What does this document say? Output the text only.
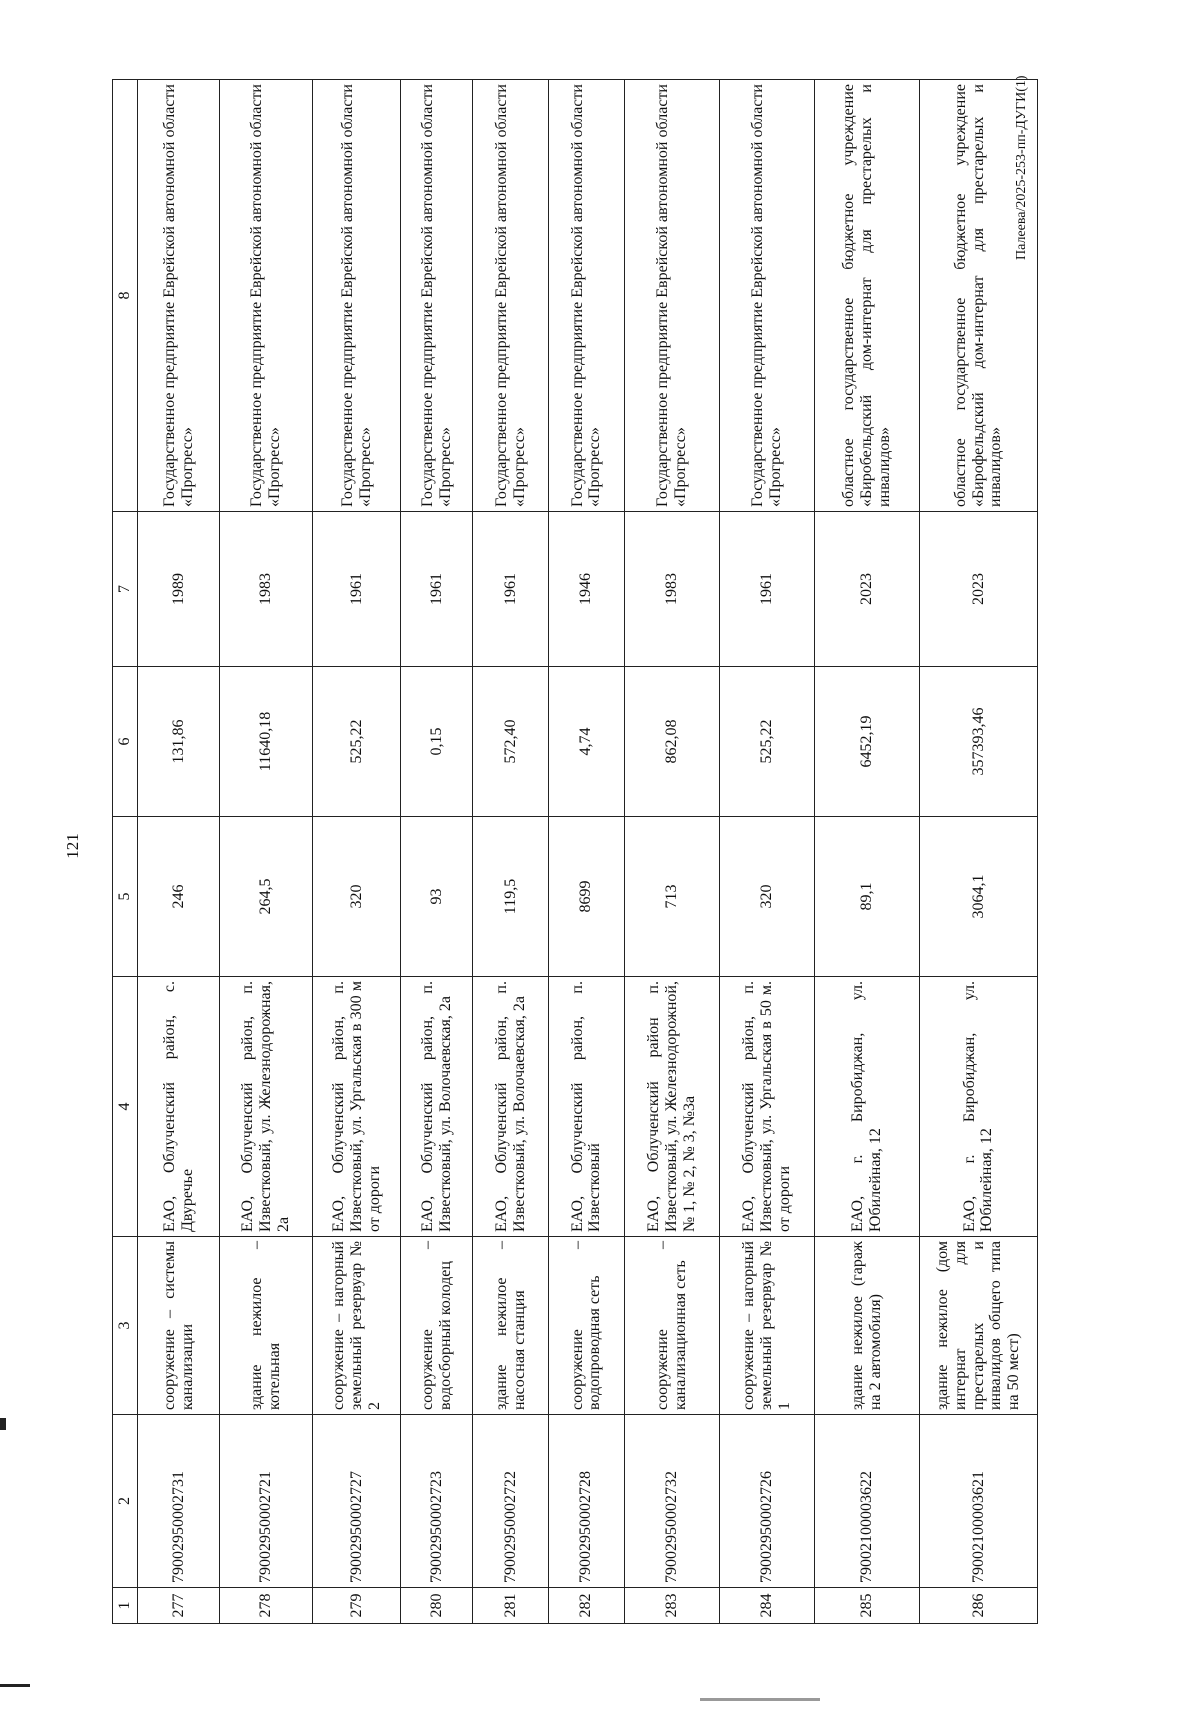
121
Палеева/2025-253-пп-ДУГИ(1)
1	2	3	4	5	6	7	8
277	79002950002731	сооружение – системы канализации	ЕАО, Облученский район, с. Двуречье	246	131,86	1989	Государственное предприятие Еврейской автономной области «Прогресс»
278	79002950002721	здание нежилое – котельная	ЕАО, Облученский район, п. Известковый, ул. Железнодорожная, 2а	264,5	11640,18	1983	Государственное предприятие Еврейской автономной области «Прогресс»
279	79002950002727	сооружение – нагорный земельный резервуар № 2	ЕАО, Облученский район, п. Известковый, ул. Ургальская в 300 м от дороги	320	525,22	1961	Государственное предприятие Еврейской автономной области «Прогресс»
280	79002950002723	сооружение – водосборный колодец	ЕАО, Облученский район, п. Известковый, ул. Волочаевская, 2а	93	0,15	1961	Государственное предприятие Еврейской автономной области «Прогресс»
281	79002950002722	здание нежилое – насосная станция	ЕАО, Облученский район, п. Известковый, ул. Волочаевская, 2а	119,5	572,40	1961	Государственное предприятие Еврейской автономной области «Прогресс»
282	79002950002728	сооружение – водопроводная сеть	ЕАО, Облученский район, п. Известковый	8699	4,74	1946	Государственное предприятие Еврейской автономной области «Прогресс»
283	79002950002732	сооружение – канализационная сеть	ЕАО, Облученский район п. Известковый, ул. Железнодорожной, № 1, № 2, № 3, №3а	713	862,08	1983	Государственное предприятие Еврейской автономной области «Прогресс»
284	79002950002726	сооружение – нагорный земельный резервуар № 1	ЕАО, Облученский район, п. Известковый, ул. Ургальская в 50 м. от дороги	320	525,22	1961	Государственное предприятие Еврейской автономной области «Прогресс»
285	79002100003622	здание нежилое (гараж на 2 автомобиля)	ЕАО, г. Биробиджан, ул. Юбилейная, 12	89,1	6452,19	2023	областное государственное бюджетное учреждение «Биробельдский дом-интернат для престарелых и инвалидов»
286	79002100003621	здание нежилое (дом интернат для престарелых и инвалидов общего типа на 50 мест)	ЕАО, г. Биробиджан, ул. Юбилейная, 12	3064,1	357393,46	2023	областное государственное бюджетное учреждение «Бирофельдский дом-интернат для престарелых и инвалидов»
